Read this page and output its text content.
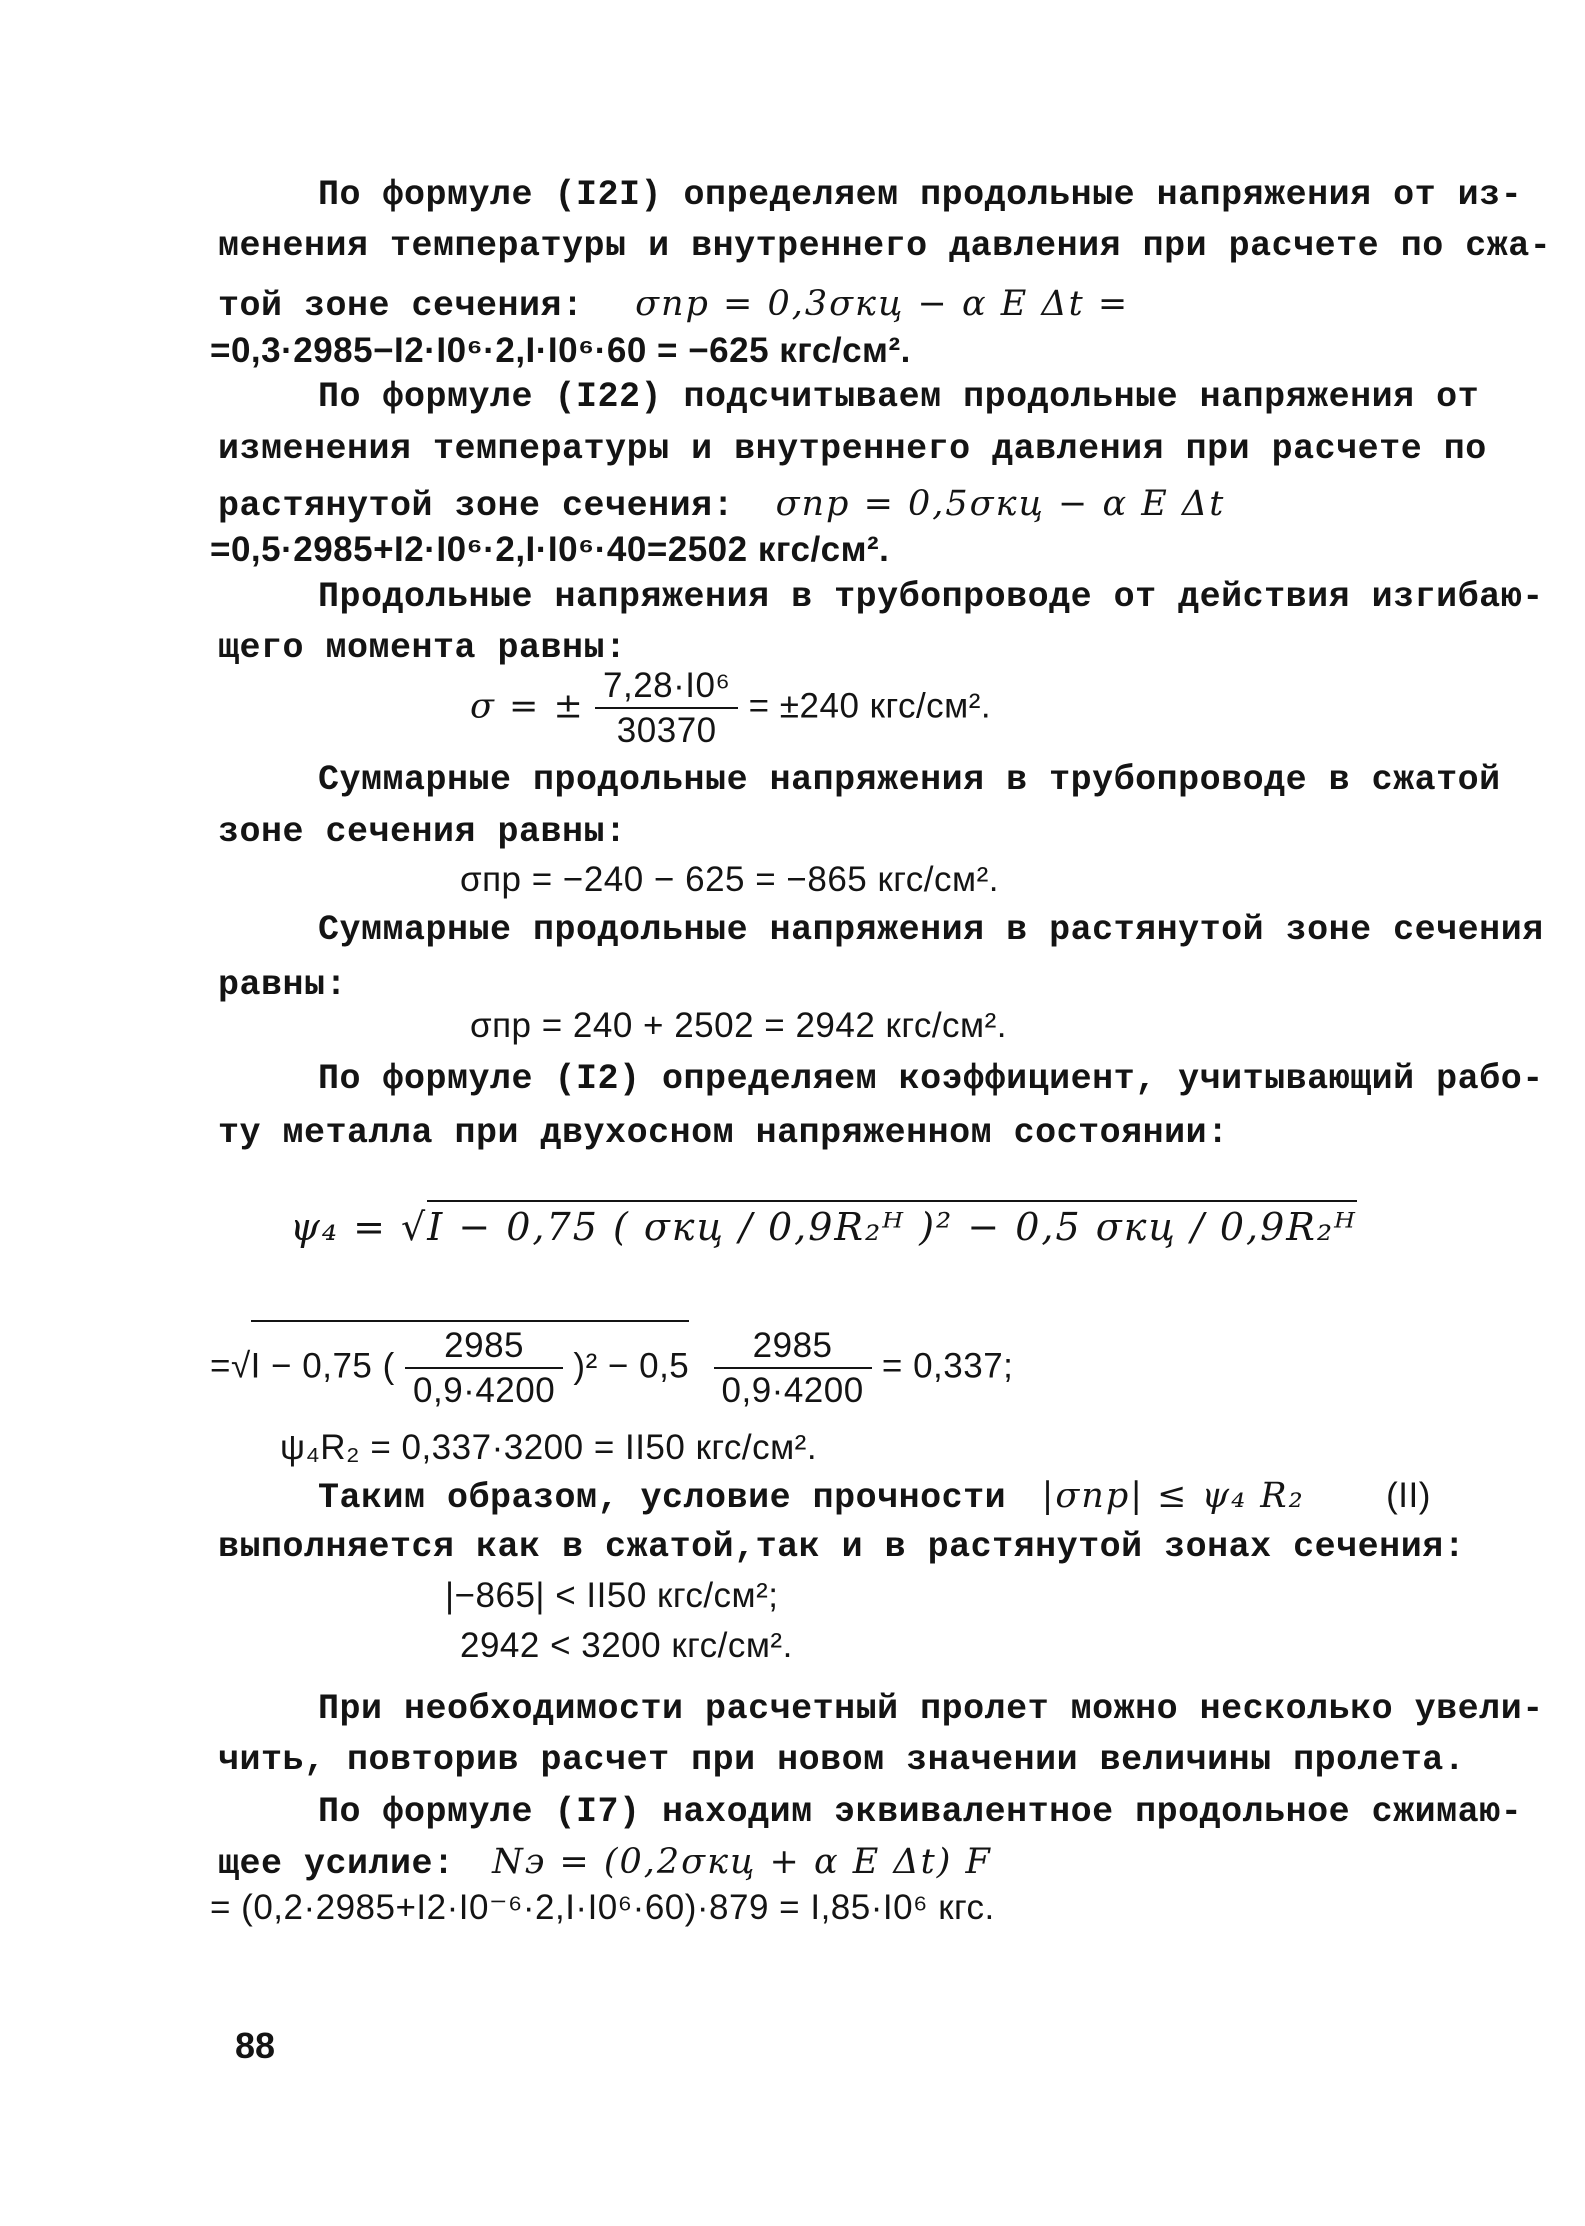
По формуле (I2I) определяем продольные напряжения от из-
менения температуры и внутреннего давления при расчете по сжа-
той зоне сечения: σпр = 0,3σкц − α E Δt =
=0,3·2985−I2·I0⁶·2,I·I0⁶·60 = −625 кгс/см².
По формуле (I22) подсчитываем продольные напряжения от
изменения температуры и внутреннего давления при расчете по
растянутой зоне сечения: σпр = 0,5σкц − α E Δt
=0,5·2985+I2·I0⁶·2,I·I0⁶·40=2502 кгс/см².
Продольные напряжения в трубопроводе от действия изгибаю-
щего момента равны:
σ = ± $\frac{\text{7,28·I0⁶}}{30370} = \pm 240$ кгс/см².
Суммарные продольные напряжения в трубопроводе в сжатой
зоне сечения равны:
σпр = −240 − 625 = −865 кгс/см².
Суммарные продольные напряжения в растянутой зоне сечения
равны:
σпр = 240 + 2502 = 2942 кгс/см².
По формуле (I2) определяем коэффициент, учитывающий рабо-
ту металла при двухосном напряженном состоянии:
ψ₄ = √I − 0,75 ( σкц / 0,9R₂ᴴ )² − 0,5 σкц / 0,9R₂ᴴ
=√I − 0,75 ( $\frac{2985}{0,9\cdot 4200} )^2 - 0,5 \frac{2985}{0,9\cdot 4200} = 0,337$;
ψ₄R₂ = 0,337·3200 = II50 кгс/см².
Таким образом, условие прочности |σпр| ≤ ψ₄ R₂ (II)
выполняется как в сжатой,так и в растянутой зонах сечения:
|−865| < II50 кгс/см²;
2942 < 3200 кгс/см².
При необходимости расчетный пролет можно несколько увели-
чить, повторив расчет при новом значении величины пролета.
По формуле (I7) находим эквивалентное продольное сжимаю-
щее усилие: Nэ = (0,2σкц + α E Δt) F
= (0,2·2985+I2·I0⁻⁶·2,I·I0⁶·60)·879 = I,85·I0⁶ кгс.
88
